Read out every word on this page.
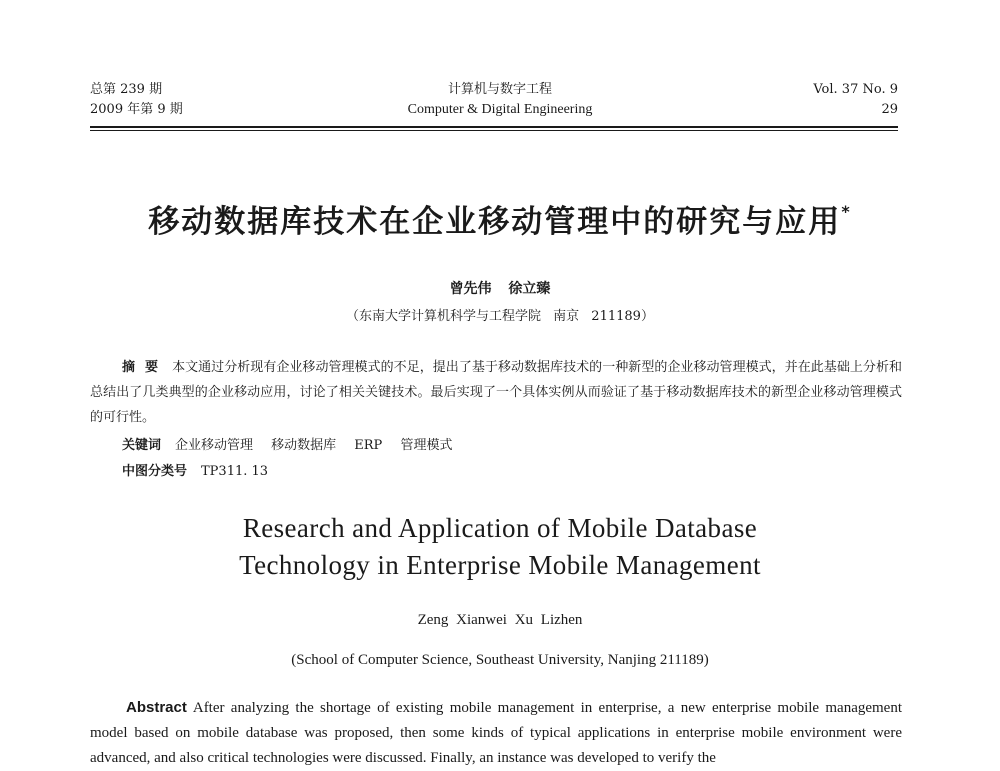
总第 239 期
2009 年第 9 期
计算机与数字工程
Computer & Digital Engineering
Vol. 37 No. 9
29
移动数据库技术在企业移动管理中的研究与应用*
曾先伟 徐立臻
（东南大学计算机科学与工程学院 南京 211189）
摘要 本文通过分析现有企业移动管理模式的不足，提出了基于移动数据库技术的一种新型的企业移动管理模式，并在此基础上分析和总结出了几类典型的企业移动应用，讨论了相关关键技术。最后实现了一个具体实例从而验证了基于移动数据库技术的新型企业移动管理模式的可行性。
关键词 企业移动管理 移动数据库 ERP 管理模式
中图分类号 TP311. 13
Research and Application of Mobile Database
Technology in Enterprise Mobile Management
Zeng Xianwei Xu Lizhen
(School of Computer Science, Southeast University, Nanjing 211189)
Abstract After analyzing the shortage of existing mobile management in enterprise, a new enterprise mobile management model based on mobile database was proposed, then some kinds of typical applications in enterprise mobile environment were advanced, and also critical technologies were discussed. Finally, an instance was developed to verify the
